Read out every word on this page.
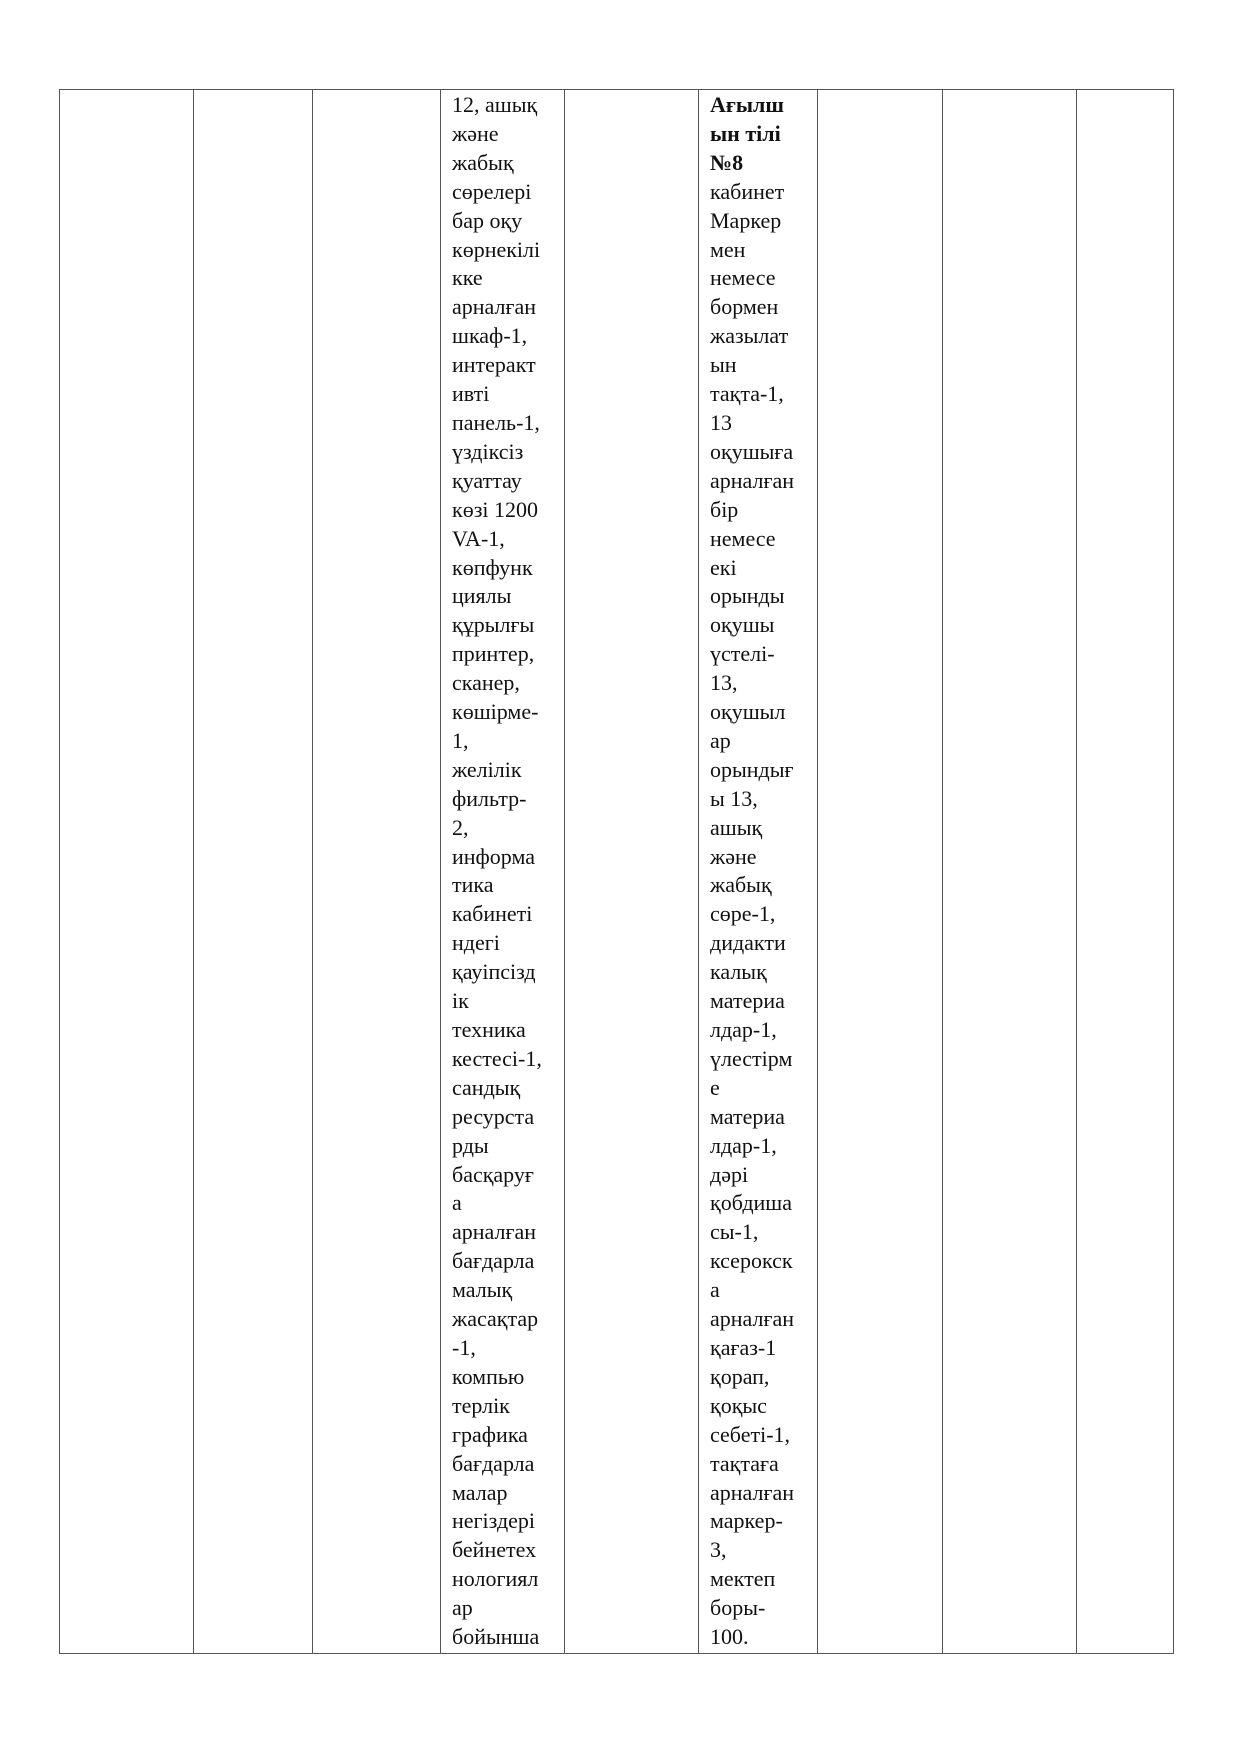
12, ашық
және
жабық
сөрелері
бар оқу
көрнекілі
кке
арналған
шкаф-1,
интеракт
ивті
панель-1,
үздіксіз
қуаттау
көзі 1200
VA-1,
көпфунк
циялы
құрылғы
принтер,
сканер,
көшірме-
1,
желілік
фильтр-
2,
информа
тика
кабинеті
ндегі
қауіпсізд
ік
техника
кестесі-1,
сандық
ресурста
рды
басқаруғ
а
арналған
бағдарла
малық
жасақтар
-1,
компью
терлік
графика
бағдарла
малар
негіздері
бейнетех
нологиял
ар
бойынша
Ағылш
ын тілі
№8
кабинет
Маркер
мен
немесе
бормен
жазылат
ын
тақта-1,
13
оқушыға
арналған
бір
немесе
екі
орынды
оқушы
үстелі-
13,
оқушыл
ар
орындығ
ы 13,
ашық
және
жабық
сөре-1,
дидакти
калық
материа
лдар-1,
үлестірм
е
материа
лдар-1,
дәрі
қобдиша
сы-1,
ксерокск
а
арналған
қағаз-1
қорап,
қоқыс
себеті-1,
тақтаға
арналған
маркер-
3,
мектеп
боры-
100.
